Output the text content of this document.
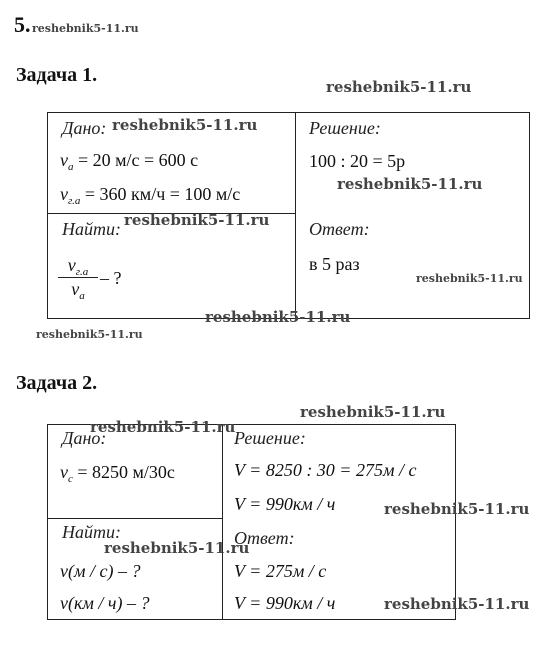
5. reshebnik5-11.ru
Задача 1.
reshebnik5-11.ru
Дано: reshebnik5-11.ru
$v_a = 20$ м/с = 600 с
$v_{г.а} = 360$ км/ч = 100 м/с
Найти: reshebnik5-11.ru
$v_{г.а}$
$v_a$
– ?
Решение:
100 : 20 = 5р
reshebnik5-11.ru
Ответ:
в 5 раз
reshebnik5-11.ru
reshebnik5-11.ru
reshebnik5-11.ru
Задача 2.
reshebnik5-11.ru
Дано:
reshebnik5-11.ru
$v_c = 8250$ м/30с
Найти:
reshebnik5-11.ru
v(м / с) – ?
v(км / ч) – ?
Решение:
V = 8250 : 30 = 275м / с
V = 990км / ч	reshebnik5-11.ru
Ответ:
V = 275м / с
V = 990км / ч	reshebnik5-11.ru
